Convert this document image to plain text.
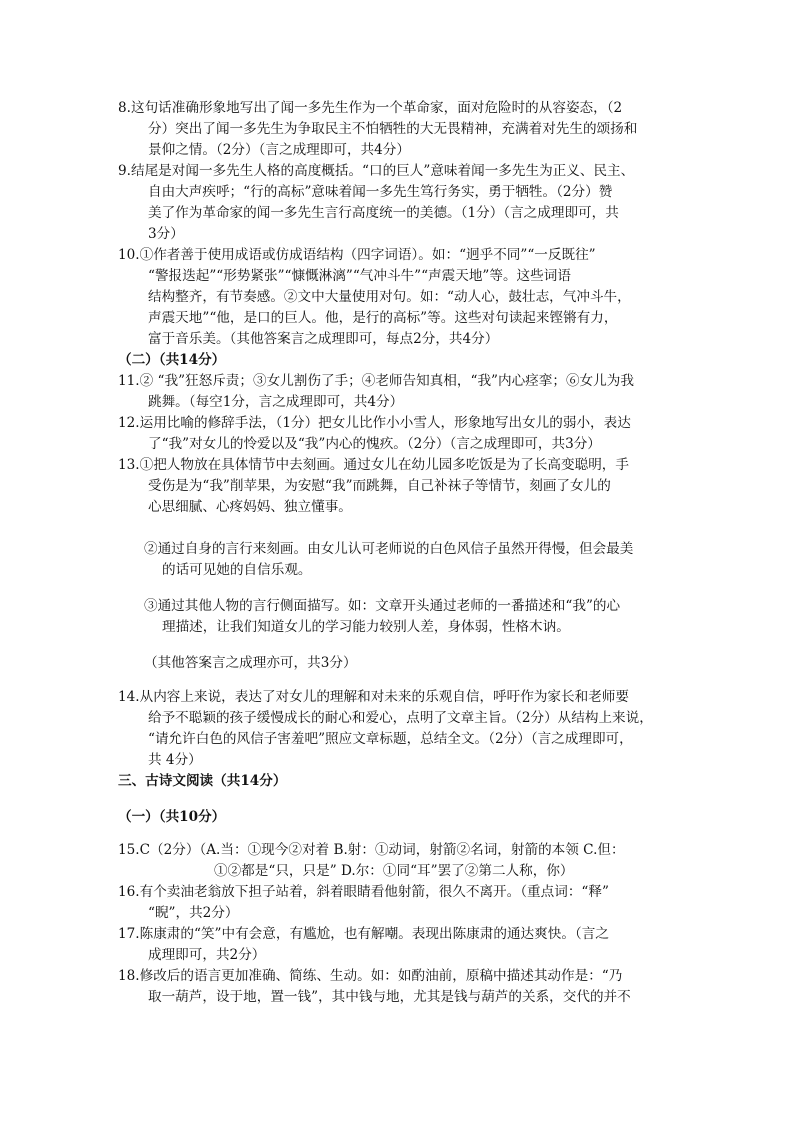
8.这句话准确形象地写出了闻一多先生作为一个革命家，面对危险时的从容姿态，（2
分）突出了闻一多先生为争取民主不怕牺牲的大无畏精神，充满着对先生的颂扬和
景仰之情。（2分）（言之成理即可，共4分）
9.结尾是对闻一多先生人格的高度概括。“口的巨人”意味着闻一多先生为正义、民主、
自由大声疾呼；“行的高标”意味着闻一多先生笃行务实，勇于牺牲。（2分）赞
美了作为革命家的闻一多先生言行高度统一的美德。（1分）（言之成理即可，共
3分）
10.①作者善于使用成语或仿成语结构（四字词语）。如：“迥乎不同”“一反既往”
“警报迭起”“形势紧张”“慷慨淋漓”“气冲斗牛”“声震天地”等。这些词语
结构整齐，有节奏感。②文中大量使用对句。如：“动人心，鼓壮志，气冲斗牛，
声震天地”“他，是口的巨人。他，是行的高标”等。这些对句读起来铿锵有力，
富于音乐美。（其他答案言之成理即可，每点2分，共4分）
（二）（共14分）
11.② “我”狂怒斥责；③女儿割伤了手；④老师告知真相，“我”内心痉挛；⑥女儿为我
跳舞。（每空1分，言之成理即可，共4分）
12.运用比喻的修辞手法，（1分）把女儿比作小小雪人，形象地写出女儿的弱小，表达
了“我”对女儿的怜爱以及“我”内心的愧疚。（2分）（言之成理即可，共3分）
13.①把人物放在具体情节中去刻画。通过女儿在幼儿园多吃饭是为了长高变聪明，手
受伤是为“我”削苹果，为安慰“我”而跳舞，自己补袜子等情节，刻画了女儿的
心思细腻、心疼妈妈、独立懂事。
②通过自身的言行来刻画。由女儿认可老师说的白色风信子虽然开得慢，但会最美
的话可见她的自信乐观。
③通过其他人物的言行侧面描写。如：文章开头通过老师的一番描述和“我”的心
理描述，让我们知道女儿的学习能力较别人差，身体弱，性格木讷。
（其他答案言之成理亦可，共3分）
14.从内容上来说，表达了对女儿的理解和对未来的乐观自信，呼吁作为家长和老师要
给予不聪颖的孩子缓慢成长的耐心和爱心，点明了文章主旨。（2分）从结构上来说，
“请允许白色的风信子害羞吧”照应文章标题，总结全文。（2分）（言之成理即可，
共 4分）
三、古诗文阅读（共14分）
（一）（共10分）
15.C（2分）（A.当：①现今②对着 B.射：①动词，射箭②名词，射箭的本领 C.但：
①②都是“只，只是” D.尔：①同“耳”罢了②第二人称，你）
16.有个卖油老翁放下担子站着，斜着眼睛看他射箭，很久不离开。（重点词：“释”
“睨”，共2分）
17.陈康肃的“笑”中有会意，有尴尬，也有解嘲。表现出陈康肃的通达爽快。（言之
成理即可，共2分）
18.修改后的语言更加准确、简练、生动。如：如酌油前，原稿中描述其动作是：“乃
取一葫芦，设于地，置一钱”，其中钱与地，尤其是钱与葫芦的关系，交代的并不
